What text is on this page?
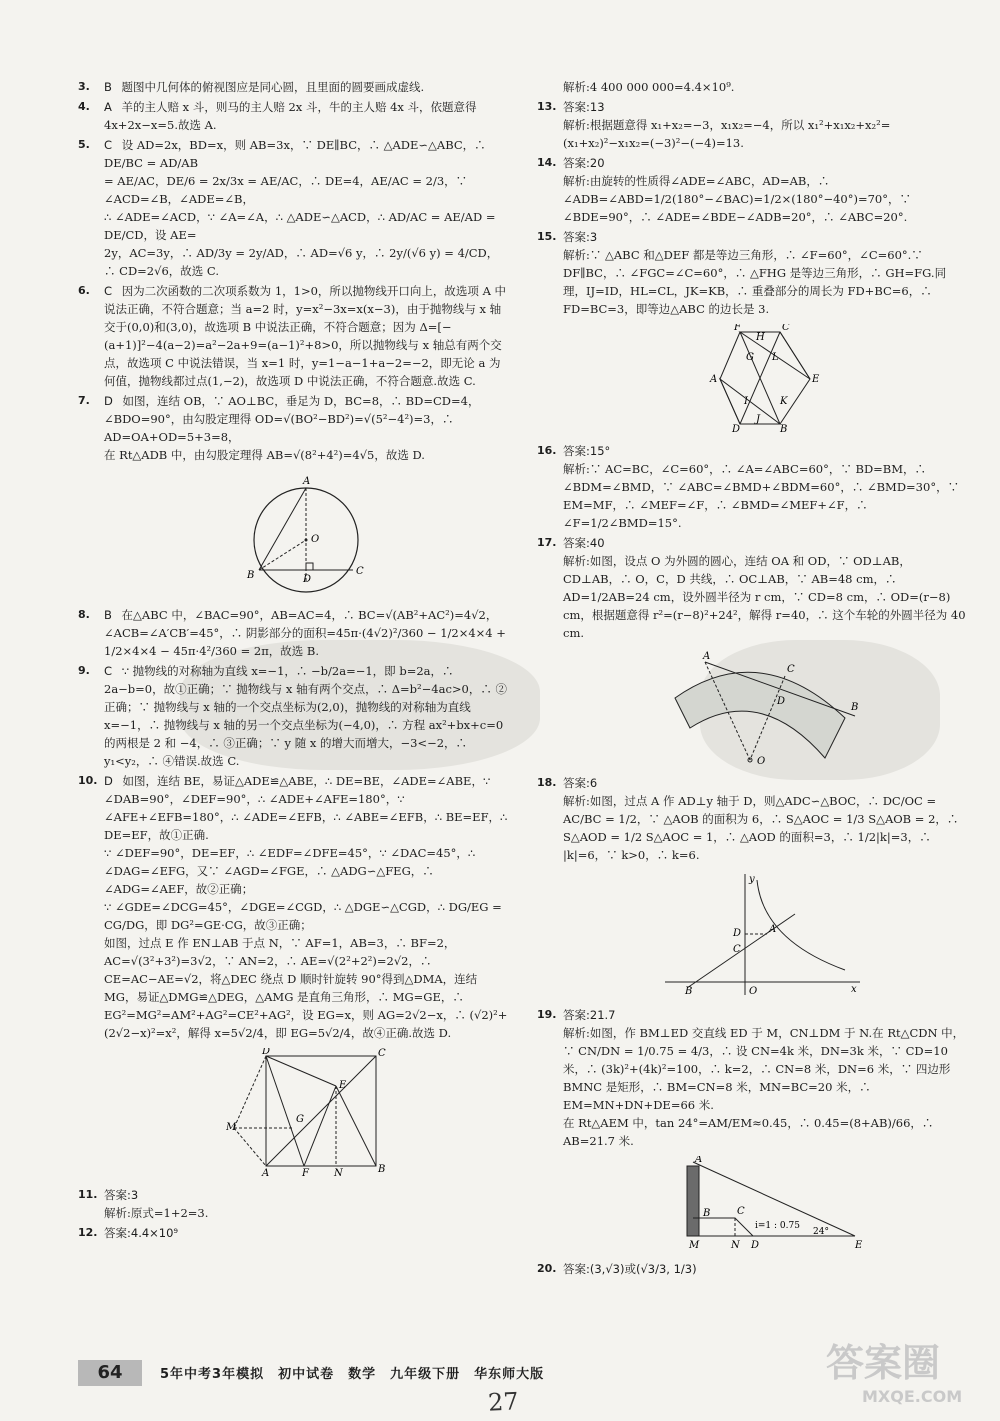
3. B 题图中几何体的俯视图应是同心圆，且里面的圆要画成虚线.
4. A 羊的主人赔 x 斗，则马的主人赔 2x 斗，牛的主人赔 4x 斗，依题意得 4x+2x−x=5.故选 A.
5. C 设 AD=2x，BD=x，则 AB=3x，∵ DE∥BC，∴ △ADE∽△ABC，∴ DE/BC = AD/AB
= AE/AC，DE/6 = 2x/3x = AE/AC，∴ DE=4，AE/AC = 2/3，∵ ∠ACD=∠B，∠ADE=∠B，
∴ ∠ADE=∠ACD，∵ ∠A=∠A，∴ △ADE∽△ACD，∴ AD/AC = AE/AD = DE/CD，设 AE=
2y，AC=3y，∴ AD/3y = 2y/AD，∴ AD=√6 y，∴ 2y/(√6 y) = 4/CD，∴ CD=2√6，故选 C.
6. C 因为二次函数的二次项系数为 1，1>0，所以抛物线开口向上，故选项 A 中说法正确，不符合题意；当 a=2 时，y=x²−3x=x(x−3)，由于抛物线与 x 轴交于(0,0)和(3,0)，故选项 B 中说法正确，不符合题意；因为 Δ=[−(a+1)]²−4(a−2)=a²−2a+9=(a−1)²+8>0，所以抛物线与 x 轴总有两个交点，故选项 C 中说法错误，当 x=1 时，y=1−a−1+a−2=−2，即无论 a 为何值，抛物线都过点(1,−2)，故选项 D 中说法正确，不符合题意.故选 C.
7. D 如图，连结 OB，∵ AO⊥BC，垂足为 D，BC=8，∴ BD=CD=4，∠BDO=90°，由勾股定理得 OD=√(BO²−BD²)=√(5²−4²)=3，∴ AD=OA+OD=5+3=8，
在 Rt△ADB 中，由勾股定理得 AB=√(8²+4²)=4√5，故选 D.
A
O
B	D
C
8. B 在△ABC 中，∠BAC=90°，AB=AC=4，∴ BC=√(AB²+AC²)=4√2，∠ACB=∠A′CB′=45°，∴ 阴影部分的面积=45π·(4√2)²/360 − 1/2×4×4 + 1/2×4×4 − 45π·4²/360 = 2π，故选 B.
9. C ∵ 抛物线的对称轴为直线 x=−1，∴ −b/2a=−1，即 b=2a，∴ 2a−b=0，故①正确；∵ 抛物线与 x 轴有两个交点，∴ Δ=b²−4ac>0，∴ ②正确；∵ 抛物线与 x 轴的一个交点坐标为(2,0)，抛物线的对称轴为直线 x=−1，∴ 抛物线与 x 轴的另一个交点坐标为(−4,0)，∴ 方程 ax²+bx+c=0 的两根是 2 和 −4，∴ ③正确；∵ y 随 x 的增大而增大，−3<−2，∴ y₁<y₂，∴ ④错误.故选 C.
10. D 如图，连结 BE，易证△ADE≌△ABE，∴ DE=BE，∠ADE=∠ABE，∵ ∠DAB=90°，∠DEF=90°，∴ ∠ADE+∠AFE=180°，∵ ∠AFE+∠EFB=180°，∴ ∠ADE=∠EFB，∴ ∠ABE=∠EFB，∴ BE=EF，∴ DE=EF，故①正确.
∵ ∠DEF=90°，DE=EF，∴ ∠EDF=∠DFE=45°，∵ ∠DAC=45°，∴ ∠DAG=∠EFG，又∵ ∠AGD=∠FGE，∴ △ADG∽△FEG，∴ ∠ADG=∠AEF，故②正确；
∵ ∠GDE=∠DCG=45°，∠DGE=∠CGD，∴ △DGE∽△CGD，∴ DG/EG = CG/DG，即 DG²=GE·CG，故③正确；
如图，过点 E 作 EN⊥AB 于点 N，∵ AF=1，AB=3，∴ BF=2，AC=√(3²+3²)=3√2，∵ AN=2，∴ AE=√(2²+2²)=2√2，∴ CE=AC−AE=√2，将△DEC 绕点 D 顺时针旋转 90°得到△DMA，连结 MG，易证△DMG≌△DEG，△AMG 是直角三角形，∴ MG=GE，∴ EG²=MG²=AM²+AG²=CE²+AG²，设 EG=x，则 AG=2√2−x，∴ (√2)²+(2√2−x)²=x²，解得 x=5√2/4，即 EG=5√2/4，故④正确.故选 D.
D	C
E
M
G
A	F	N	B
11. 答案:3
解析:原式=1+2=3.
12. 答案:4.4×10⁹
解析:4 400 000 000=4.4×10⁹.
13. 答案:13
解析:根据题意得 x₁+x₂=−3，x₁x₂=−4，所以 x₁²+x₁x₂+x₂²=(x₁+x₂)²−x₁x₂=(−3)²−(−4)=13.
14. 答案:20
解析:由旋转的性质得∠ADE=∠ABC，AD=AB，∴ ∠ADB=∠ABD=1/2(180°−∠BAC)=1/2×(180°−40°)=70°，∵ ∠BDE=90°，∴ ∠ADE=∠BDE−∠ADB=20°，∴ ∠ABC=20°.
15. 答案:3
解析:∵ △ABC 和△DEF 都是等边三角形，∴ ∠F=60°，∠C=60°.∵ DF∥BC，∴ ∠FGC=∠C=60°，∴ △FHG 是等边三角形，∴ GH=FG.同理，IJ=ID，HL=CL，JK=KB，∴ 重叠部分的周长为 FD+BC=6，∴ FD=BC=3，即等边△ABC 的边长是 3.
F
H
C
G L
A	E
I	K
D
J
B
16. 答案:15°
解析:∵ AC=BC，∠C=60°，∴ ∠A=∠ABC=60°，∵ BD=BM，∴ ∠BDM=∠BMD，∵ ∠ABC=∠BMD+∠BDM=60°，∴ ∠BMD=30°，∵ EM=MF，∴ ∠MEF=∠F，∴ ∠BMD=∠MEF+∠F，∴ ∠F=1/2∠BMD=15°.
17. 答案:40
解析:如图，设点 O 为外圆的圆心，连结 OA 和 OD，∵ OD⊥AB，CD⊥AB，∴ O，C，D 共线，∴ OC⊥AB，∵ AB=48 cm，∴ AD=1/2AB=24 cm，设外圆半径为 r cm，∵ CD=8 cm，∴ OD=(r−8) cm，根据题意得 r²=(r−8)²+24²，解得 r=40，∴ 这个车轮的外圆半径为 40 cm.
A
C
D
B
O
18. 答案:6
解析:如图，过点 A 作 AD⊥y 轴于 D，则△ADC∽△BOC，∴ DC/OC = AC/BC = 1/2，∵ △AOB 的面积为 6，∴ S△AOC = 1/3 S△AOB = 2，∴ S△AOD = 1/2 S△AOC = 1，∴ △AOD 的面积=3，∴ 1/2|k|=3，∴ |k|=6，∵ k>0，∴ k=6.
y
C
D	A
B	O	x
19. 答案:21.7
解析:如图，作 BM⊥ED 交直线 ED 于 M，CN⊥DM 于 N.在 Rt△CDN 中，∵ CN/DN = 1/0.75 = 4/3，∴ 设 CN=4k 米，DN=3k 米，∵ CD=10 米，∴ (3k)²+(4k)²=100，∴ k=2，∴ CN=8 米，DN=6 米，∵ 四边形 BMNC 是矩形，∴ BM=CN=8 米，MN=BC=20 米，∴ EM=MN+DN+DE=66 米.
在 Rt△AEM 中，tan 24°=AM/EM≈0.45，∴ 0.45=(8+AB)/66，∴ AB=21.7 米.
A
B	C
i=1 : 0.75
24°
M	N D	E
20. 答案:(3,√3)或(√3/3, 1/3)
64	5年中考3年模拟　初中试卷　数学　九年级下册　华东师大版
27
答案圈
MXQE.COM
